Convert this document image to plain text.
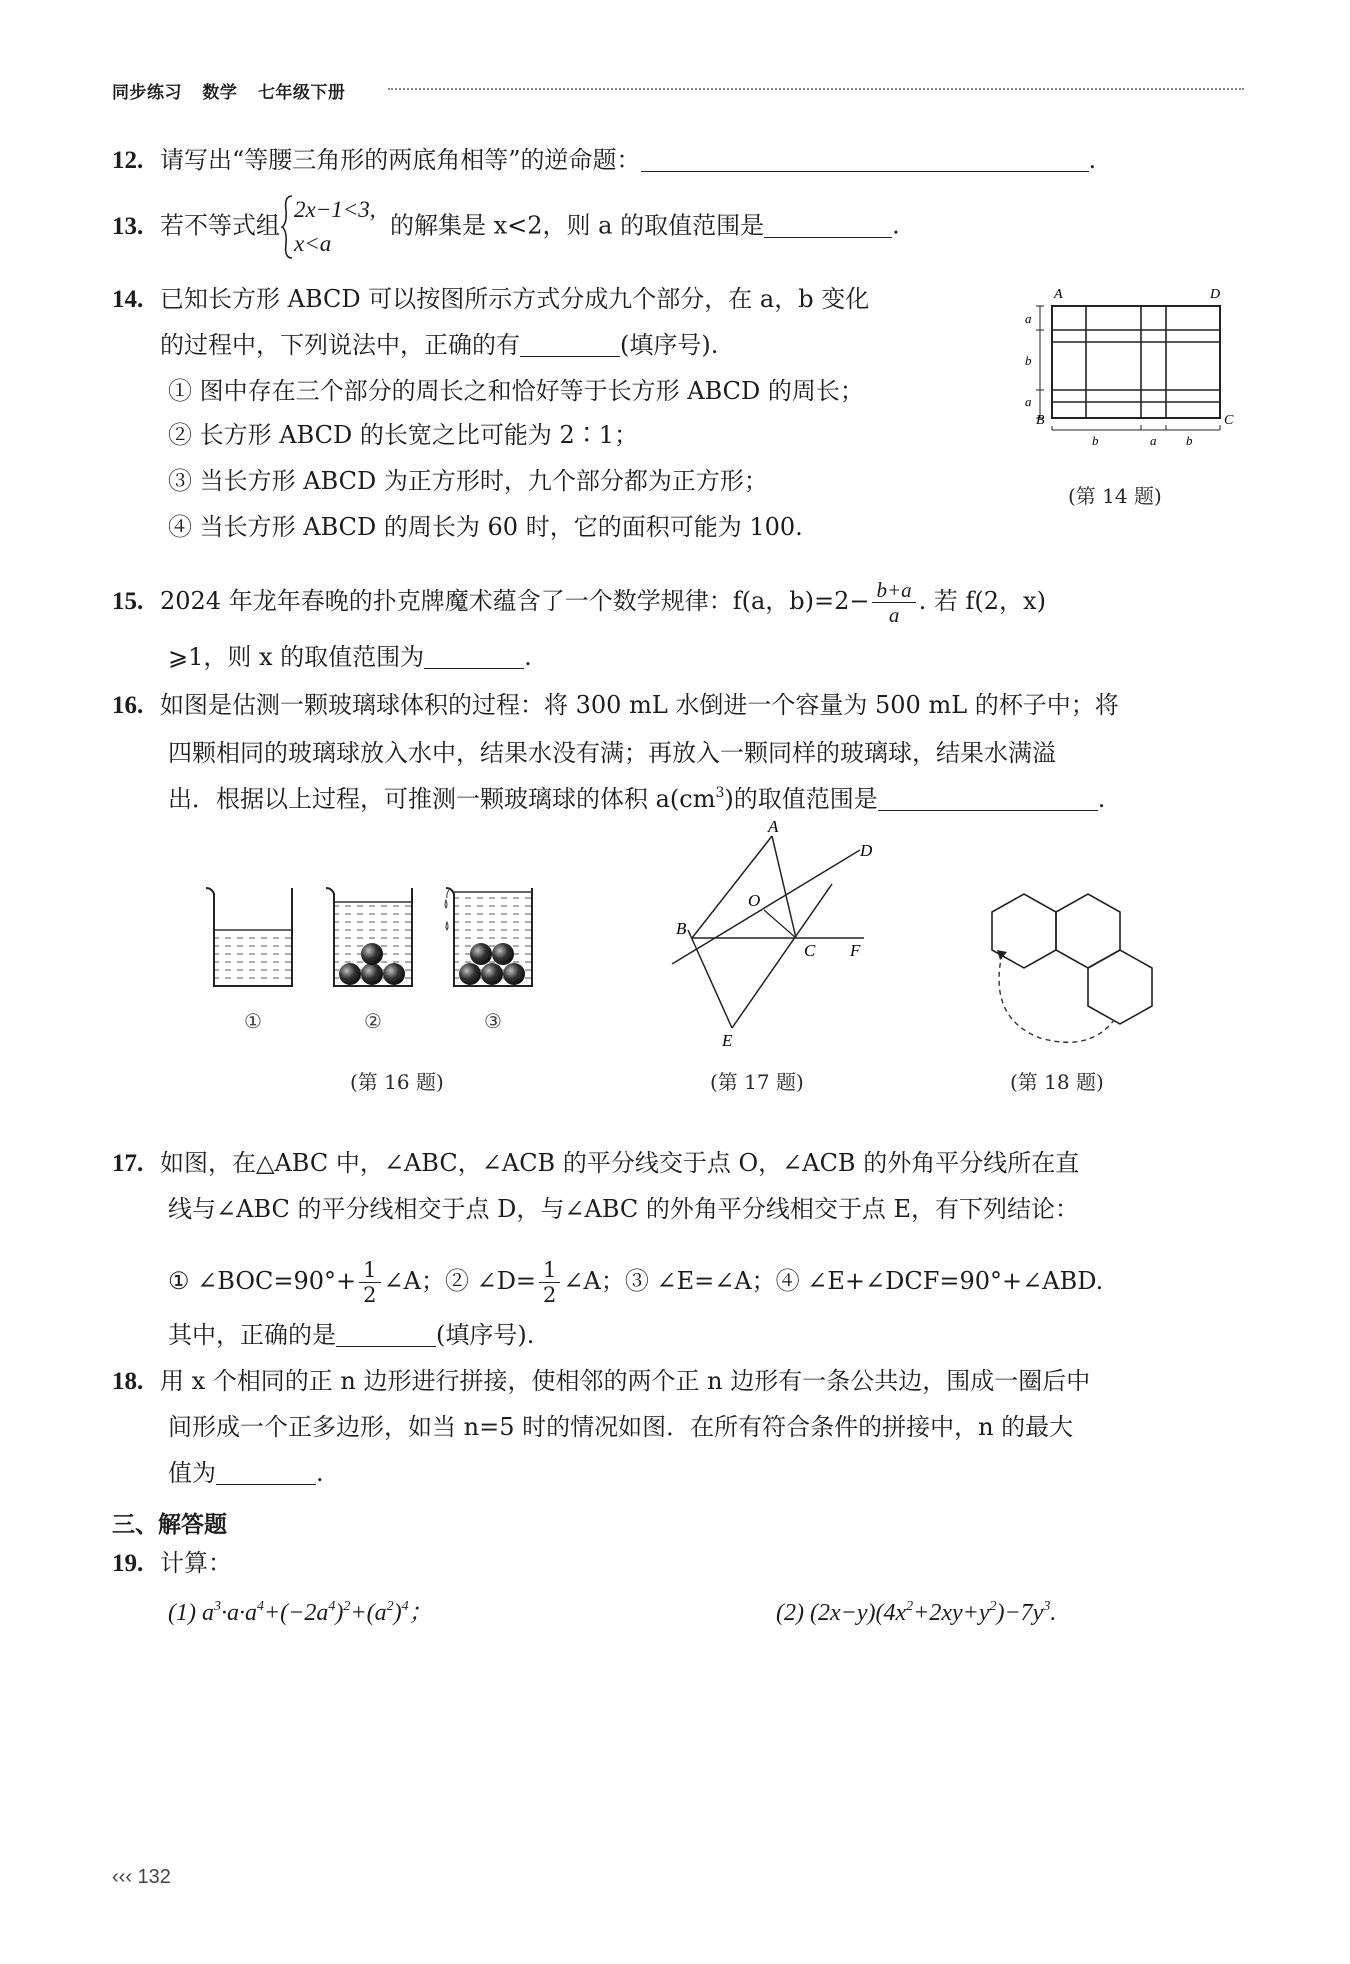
同步练习 数学 七年级下册
12. 请写出“等腰三角形的两底角相等”的逆命题：	.
13. 若不等式组
2x−1<3,
x<a
的解集是 x<2，则 a 的取值范围是	.
14. 已知长方形 ABCD 可以按图所示方式分成九个部分，在 a，b 变化
的过程中，下列说法中，正确的有	(填序号).
① 图中存在三个部分的周长之和恰好等于长方形 ABCD 的周长；
② 长方形 ABCD 的长宽之比可能为 2∶1；
③ 当长方形 ABCD 为正方形时，九个部分都为正方形；
④ 当长方形 ABCD 的周长为 60 时，它的面积可能为 100.
A	D
B	C
a
b
a
b	a b
(第 14 题)
15. 2024 年龙年春晚的扑克牌魔术蕴含了一个数学规律：f(a，$b)=2- \frac{b+a}{a}$ . 若 f(2，x)
⩾1，则 x 的取值范围为	.
16. 如图是估测一颗玻璃球体积的过程：将 300 mL 水倒进一个容量为 500 mL 的杯子中；将
四颗相同的玻璃球放入水中，结果水没有满；再放入一颗同样的玻璃球，结果水满溢
出．根据以上过程，可推测一颗玻璃球的体积 $a(cm^3)$的取值范围是	.
①	②	③
(第 16 题)
A
D
O
B
C F
E
(第 17 题)	(第 18 题)
17. 如图，在△ABC 中，∠ABC，∠ACB 的平分线交于点 O，∠ACB 的外角平分线所在直
线与∠ABC 的平分线相交于点 D，与∠ABC 的外角平分线相交于点 E，有下列结论：
① ∠BOC=90°+ $\frac{1}{2}$ ∠A；② ∠D= $\frac{1}{2}$ ∠A；③ ∠E=∠A；④ ∠E+∠DCF=90°+∠ABD.
其中，正确的是	(填序号).
18. 用 x 个相同的正 n 边形进行拼接，使相邻的两个正 n 边形有一条公共边，围成一圈后中
间形成一个正多边形，如当 n=5 时的情况如图．在所有符合条件的拼接中，n 的最大
值为	.
三、解答题
19. 计算：
(1) $a^3\cdot a\cdot a^4+(-2a^4)^2+(a^2)^4$；	(2) $(2x-y)(4x^2+2xy+y^2)-7y^3$.
‹‹‹ 132
